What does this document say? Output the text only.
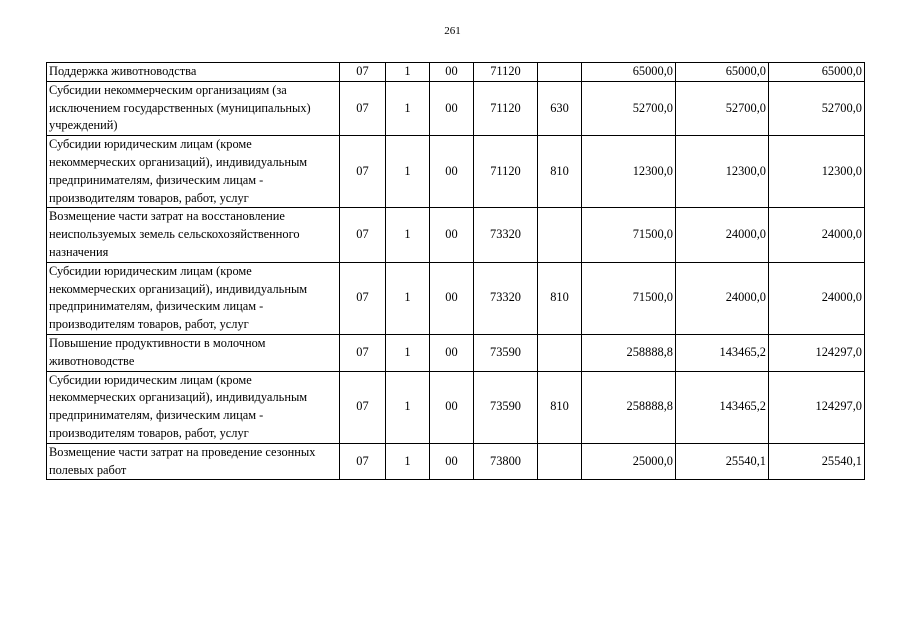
261
Поддержка животноводства	07	1	00	71120		65000,0	65000,0	65000,0
Субсидии некоммерческим организациям (за исключением государственных (муниципальных) учреждений)	07	1	00	71120	630	52700,0	52700,0	52700,0
Субсидии юридическим лицам (кроме некоммерческих организаций), индивидуальным предпринимателям, физическим лицам - производителям товаров, работ, услуг	07	1	00	71120	810	12300,0	12300,0	12300,0
Возмещение части затрат на восстановление неиспользуемых земель сельскохозяйственного назначения	07	1	00	73320		71500,0	24000,0	24000,0
Субсидии юридическим лицам (кроме некоммерческих организаций), индивидуальным предпринимателям, физическим лицам - производителям товаров, работ, услуг	07	1	00	73320	810	71500,0	24000,0	24000,0
Повышение продуктивности в молочном животноводстве	07	1	00	73590		258888,8	143465,2	124297,0
Субсидии юридическим лицам (кроме некоммерческих организаций), индивидуальным предпринимателям, физическим лицам - производителям товаров, работ, услуг	07	1	00	73590	810	258888,8	143465,2	124297,0
Возмещение части затрат на проведение сезонных полевых работ	07	1	00	73800		25000,0	25540,1	25540,1
